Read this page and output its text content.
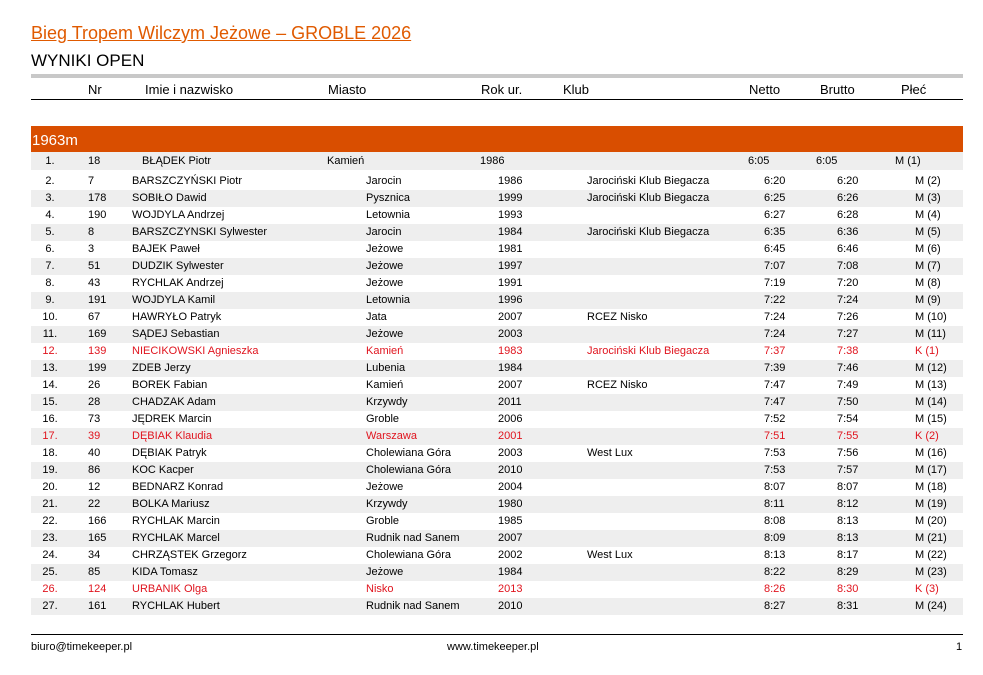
Bieg Tropem Wilczym Jeżowe – GROBLE 2026
WYNIKI OPEN
Nr	Imie i nazwisko	Miasto	Rok ur.	Klub	Netto	Brutto	Płeć
1963m
1.	18	BŁĄDEK Piotr	Kamień	1986	6:05	6:05	M (1)
2.	7	BARSZCZYŃSKI Piotr	Jarocin	1986	Jarociński Klub Biegacza	6:20	6:20	M (2)
3.	178 SOBIŁO Dawid	Pysznica	1999	Jarociński Klub Biegacza	6:25	6:26	M (3)
4.	190 WOJDYLA Andrzej	Letownia	1993	6:27	6:28	M (4)
5.	8	BARSZCZYNSKI Sylwester	Jarocin	1984	Jarociński Klub Biegacza	6:35	6:36	M (5)
6.	3	BAJEK Paweł	Jeżowe	1981	6:45	6:46	M (6)
7.	51	DUDZIK Sylwester	Jeżowe	1997	7:07	7:08	M (7)
8.	43	RYCHLAK Andrzej	Jeżowe	1991	7:19	7:20	M (8)
9.	191 WOJDYLA Kamil	Letownia	1996	7:22	7:24	M (9)
10.	67	HAWRYŁO Patryk	Jata	2007	RCEZ Nisko	7:24	7:26	M (10)
11.	169 SĄDEJ Sebastian	Jeżowe	2003	7:24	7:27	M (11)
12.	139 NIECIKOWSKI Agnieszka	Kamień	1983	Jarociński Klub Biegacza	7:37	7:38	K (1)
13.	199 ZDEB Jerzy	Lubenia	1984	7:39	7:46	M (12)
14.	26	BOREK Fabian	Kamień	2007	RCEZ Nisko	7:47	7:49	M (13)
15.	28	CHADZAK Adam	Krzywdy	2011	7:47	7:50	M (14)
16.	73	JĘDREK Marcin	Groble	2006	7:52	7:54	M (15)
17.	39	DĘBIAK Klaudia	Warszawa	2001	7:51	7:55	K (2)
18.	40	DĘBIAK Patryk	Cholewiana Góra	2003	West Lux	7:53	7:56	M (16)
19.	86	KOC Kacper	Cholewiana Góra	2010	7:53	7:57	M (17)
20.	12	BEDNARZ Konrad	Jeżowe	2004	8:07	8:07	M (18)
21.	22	BOLKA Mariusz	Krzywdy	1980	8:11	8:12	M (19)
22.	166 RYCHLAK Marcin	Groble	1985	8:08	8:13	M (20)
23.	165 RYCHLAK Marcel	Rudnik nad Sanem	2007	8:09	8:13	M (21)
24.	34	CHRZĄSTEK Grzegorz	Cholewiana Góra	2002	West Lux	8:13	8:17	M (22)
25.	85	KIDA Tomasz	Jeżowe	1984	8:22	8:29	M (23)
26.	124 URBANIK Olga	Nisko	2013	8:26	8:30	K (3)
27.	161 RYCHLAK Hubert	Rudnik nad Sanem	2010	8:27	8:31	M (24)
biuro@timekeeper.pl	www.timekeeper.pl	1
